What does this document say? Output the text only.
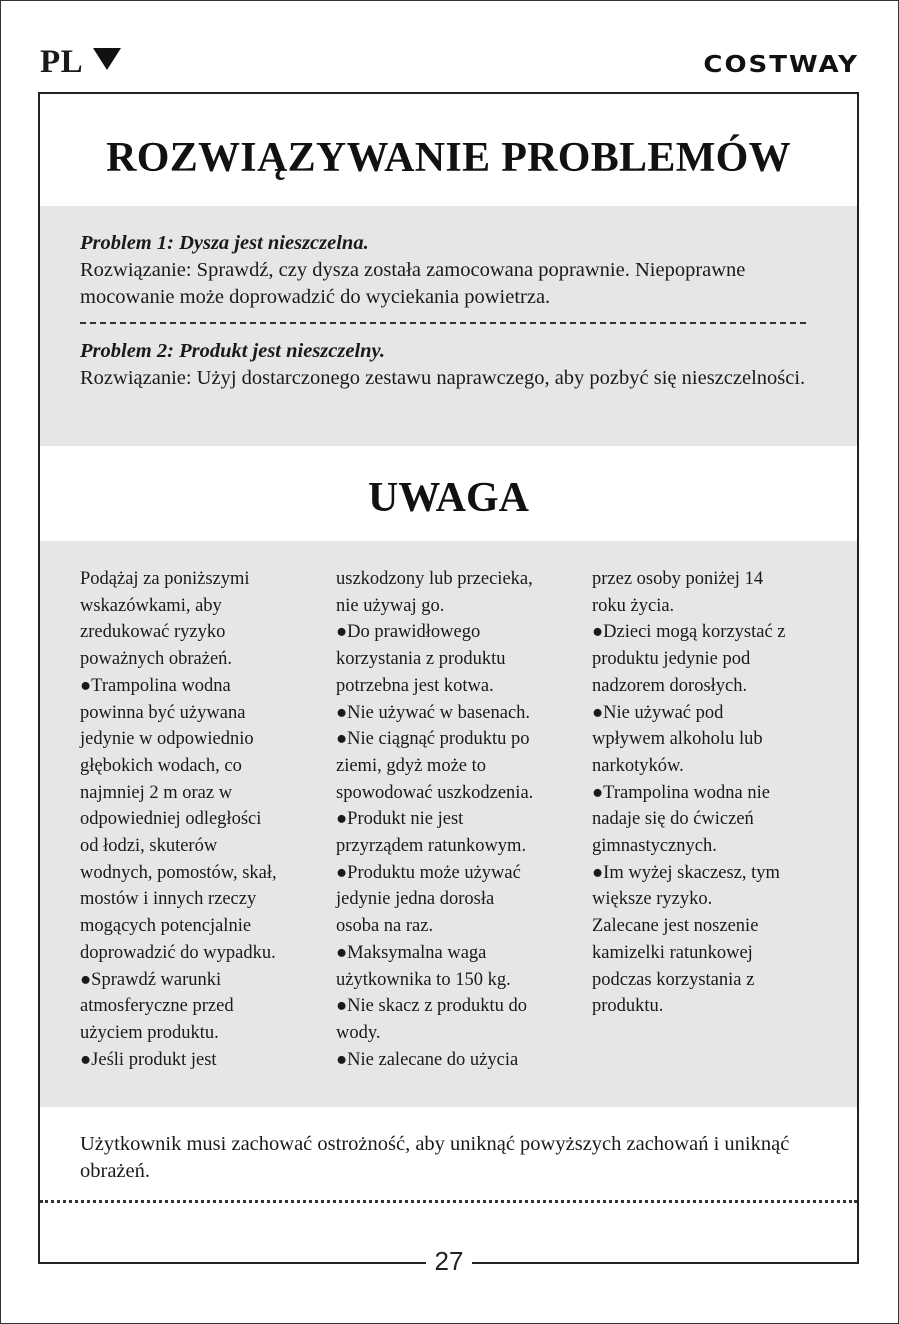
PL	COSTWAY
ROZWIĄZYWANIE PROBLEMÓW
Problem 1: Dysza jest nieszczelna.
Rozwiązanie: Sprawdź, czy dysza została zamocowana poprawnie. Niepoprawne mocowanie może doprowadzić do wyciekania powietrza.
Problem 2: Produkt jest nieszczelny.
Rozwiązanie: Użyj dostarczonego zestawu naprawczego, aby pozbyć się nieszczelności.
UWAGA
Podążaj za poniższymi
wskazówkami, aby
zredukować ryzyko
poważnych obrażeń.
●Trampolina wodna
powinna być używana
jedynie w odpowiednio
głębokich wodach, co
najmniej 2 m oraz w
odpowiedniej odległości
od łodzi, skuterów
wodnych, pomostów, skał,
mostów i innych rzeczy
mogących potencjalnie
doprowadzić do wypadku.
●Sprawdź warunki
atmosferyczne przed
użyciem produktu.
●Jeśli produkt jest
uszkodzony lub przecieka,
nie używaj go.
●Do prawidłowego
korzystania z produktu
potrzebna jest kotwa.
●Nie używać w basenach.
●Nie ciągnąć produktu po
ziemi, gdyż może to
spowodować uszkodzenia.
●Produkt nie jest
przyrządem ratunkowym.
●Produktu może używać
jedynie jedna dorosła
osoba na raz.
●Maksymalna waga
użytkownika to 150 kg.
●Nie skacz z produktu do
wody.
●Nie zalecane do użycia
przez osoby poniżej 14
roku życia.
●Dzieci mogą korzystać z
produktu jedynie pod
nadzorem dorosłych.
●Nie używać pod
wpływem alkoholu lub
narkotyków.
●Trampolina wodna nie
nadaje się do ćwiczeń
gimnastycznych.
●Im wyżej skaczesz, tym
większe ryzyko.
Zalecane jest noszenie
kamizelki ratunkowej
podczas korzystania z
produktu.
Użytkownik musi zachować ostrożność, aby uniknąć powyższych zachowań i uniknąć obrażeń.
27
